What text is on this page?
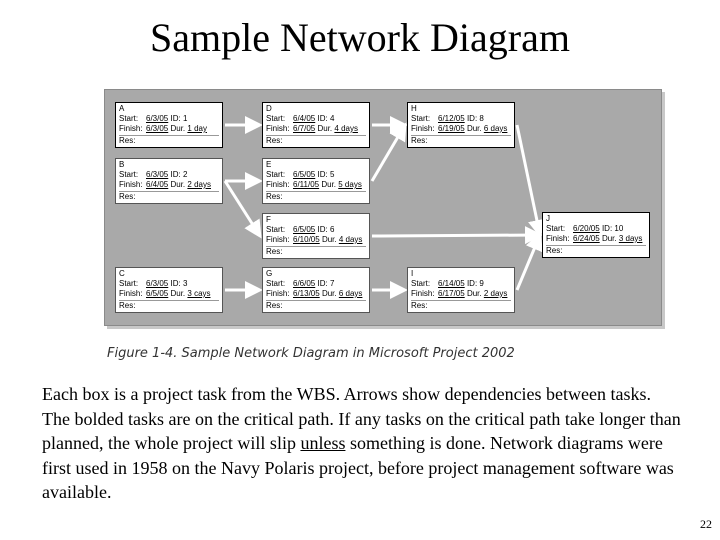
Sample Network Diagram
A
Start: 6/3/05 ID: 1
Finish: 6/3/05 Dur. 1 day
Res:
B
Start: 6/3/05 ID: 2
Finish: 6/4/05 Dur. 2 days
Res:
C
Start: 6/3/05 ID: 3
Finish: 6/5/05 Dur. 3 cays
Res:
D
Start: 6/4/05 ID: 4
Finish: 6/7/05 Dur. 4 days
Res:
E
Start: 6/5/05 ID: 5
Finish: 6/11/05 Dur. 5 days
Res:
F
Start: 6/5/05 ID: 6
Finish: 6/10/05 Dur. 4 days
Res:
G
Start: 6/6/05 ID: 7
Finish: 6/13/05 Dur. 6 days
Res:
H
Start: 6/12/05 ID: 8
Finish: 6/19/05 Dur. 6 days
Res:
I
Start: 6/14/05 ID: 9
Finish: 6/17/05 Dur. 2 days
Res:
J
Start: 6/20/05 ID: 10
Finish: 6/24/05 Dur. 3 days
Res:
Figure 1-4. Sample Network Diagram in Microsoft Project 2002
Each box is a project task from the WBS. Arrows show dependencies between tasks. The bolded tasks are on the critical path. If any tasks on the critical path take longer than planned, the whole project will slip unless something is done. Network diagrams were first used in 1958 on the Navy Polaris project, before project management software was available.
22
